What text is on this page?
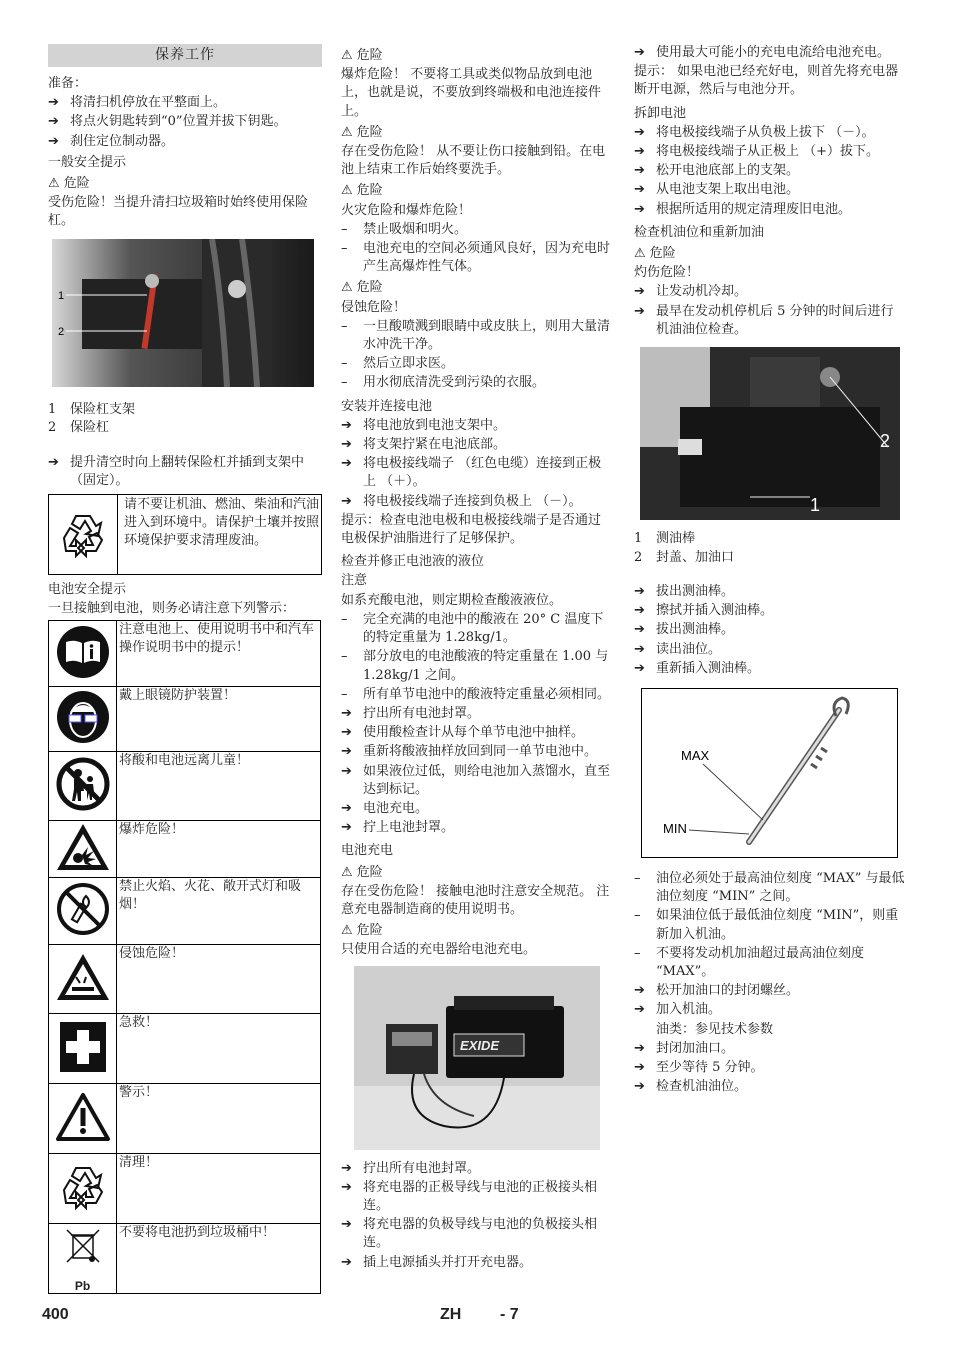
保养工作
准备：
➔ 将清扫机停放在平整面上。
➔ 将点火钥匙转到“0”位置并拔下钥匙。
➔ 刹住定位制动器。
一般安全提示
⚠ 危险
受伤危险！当提升清扫垃圾箱时始终使用保险杠。
1
2
1	保险杠支架
2	保险杠
➔ 提升清空时向上翻转保险杠并插到支架中 （固定）。
请不要让机油、燃油、柴油和汽油进入到环境中。请保护土壤并按照环境保护要求清理废油。
电池安全提示
一旦接触到电池，则务必请注意下列警示：
	注意电池上、使用说明书中和汽车操作说明书中的提示！
	戴上眼镜防护装置！
	将酸和电池远离儿童！
	爆炸危险！
	禁止火焰、火花、敞开式灯和吸烟！
	侵蚀危险！
	急救！
	警示！
	清理！

Pb	不要将电池扔到垃圾桶中！
⚠ 危险
爆炸危险！ 不要将工具或类似物品放到电池上，也就是说，不要放到终端极和电池连接件上。
⚠ 危险
存在受伤危险！ 从不要让伤口接触到铅。在电池上结束工作后始终要洗手。
⚠ 危险
火灾危险和爆炸危险！
– 禁止吸烟和明火。
– 电池充电的空间必须通风良好，因为充电时产生高爆炸性气体。
⚠ 危险
侵蚀危险！
– 一旦酸喷溅到眼睛中或皮肤上，则用大量清水冲洗干净。
– 然后立即求医。
– 用水彻底清洗受到污染的衣服。
安装并连接电池
➔ 将电池放到电池支架中。
➔ 将支架拧紧在电池底部。
➔ 将电极接线端子 （红色电缆）连接到正极上 （＋）。
➔ 将电极接线端子连接到负极上 （－）。
提示：检查电池电极和电极接线端子是否通过电极保护油脂进行了足够保护。
检查并修正电池液的液位
注意
如系充酸电池，则定期检查酸液液位。
– 完全充满的电池中的酸液在 20° C 温度下的特定重量为 1.28kg/1。
– 部分放电的电池酸液的特定重量在 1.00 与 1.28kg/1 之间。
– 所有单节电池中的酸液特定重量必须相同。
➔ 拧出所有电池封罩。
➔ 使用酸检查计从每个单节电池中抽样。
➔ 重新将酸液抽样放回到同一单节电池中。
➔ 如果液位过低，则给电池加入蒸馏水，直至达到标记。
➔ 电池充电。
➔ 拧上电池封罩。
电池充电
⚠ 危险
存在受伤危险！ 接触电池时注意安全规范。 注意充电器制造商的使用说明书。
⚠ 危险
只使用合适的充电器给电池充电。
EXIDE
➔ 拧出所有电池封罩。
➔ 将充电器的正极导线与电池的正极接头相连。
➔ 将充电器的负极导线与电池的负极接头相连。
➔ 插上电源插头并打开充电器。
➔ 使用最大可能小的充电电流给电池充电。
提示： 如果电池已经充好电，则首先将充电器断开电源，然后与电池分开。
拆卸电池
➔ 将电极接线端子从负极上拔下 （－）。
➔ 将电极接线端子从正极上 （+）拔下。
➔ 松开电池底部上的支架。
➔ 从电池支架上取出电池。
➔ 根据所适用的规定清理废旧电池。
检查机油位和重新加油
⚠ 危险
灼伤危险！
➔ 让发动机冷却。
➔ 最早在发动机停机后 5 分钟的时间后进行机油油位检查。
2
1
1	测油棒
2	封盖、加油口
➔ 拔出测油棒。
➔ 擦拭并插入测油棒。
➔ 拔出测油棒。
➔ 读出油位。
➔ 重新插入测油棒。
MAX
MIN
– 油位必须处于最高油位刻度 “MAX” 与最低油位刻度 “MIN” 之间。
– 如果油位低于最低油位刻度 “MIN”，则重新加入机油。
– 不要将发动机加油超过最高油位刻度 “MAX”。
➔ 松开加油口的封闭螺丝。
➔ 加入机油。
油类：参见技术参数
➔ 封闭加油口。
➔ 至少等待 5 分钟。
➔ 检查机油油位。
400	ZH - 7
